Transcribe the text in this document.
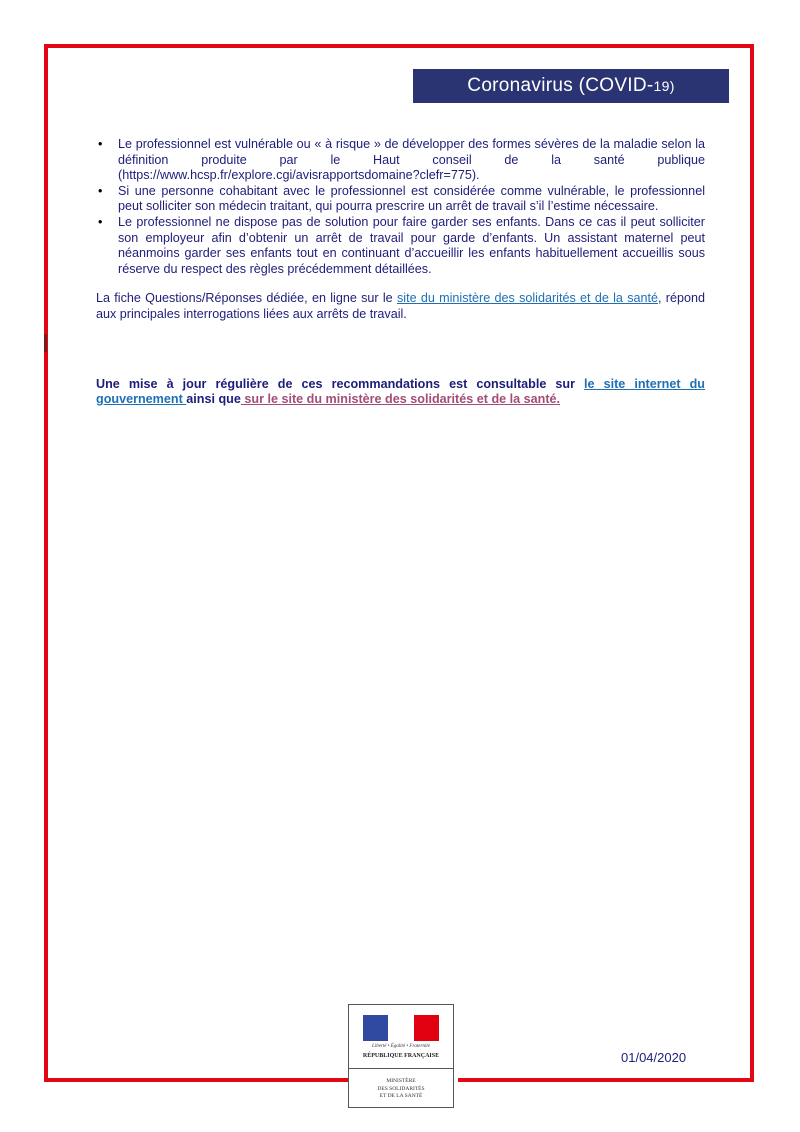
Coronavirus (COVID- 19)
• Le professionnel est vulnérable ou « à risque » de développer des formes sévères de la maladie selon la définition produite par le Haut conseil de la santé publique (https://www.hcsp.fr/explore.cgi/avisrapportsdomaine?clefr=775).
• Si une personne cohabitant avec le professionnel est considérée comme vulnérable, le professionnel peut solliciter son médecin traitant, qui pourra prescrire un arrêt de travail s’il l’estime nécessaire.
• Le professionnel ne dispose pas de solution pour faire garder ses enfants. Dans ce cas il peut solliciter son employeur afin d’obtenir un arrêt de travail pour garde d’enfants. Un assistant maternel peut néanmoins garder ses enfants tout en continuant d’accueillir les enfants habituellement accueillis sous réserve du respect des règles précédemment détaillées.

La fiche Questions/Réponses dédiée, en ligne sur le site du ministère des solidarités et de la santé, répond aux principales interrogations liées aux arrêts de travail.

Une mise à jour régulière de ces recommandations est consultable sur le site internet du gouvernement ainsi que sur le site du ministère des solidarités et de la santé.

Liberté • Égalité • Fraternité
RÉPUBLIQUE FRANÇAISE
MINISTÈRE
DES SOLIDARITÉS
ET DE LA SANTÉ
01/04/2020
